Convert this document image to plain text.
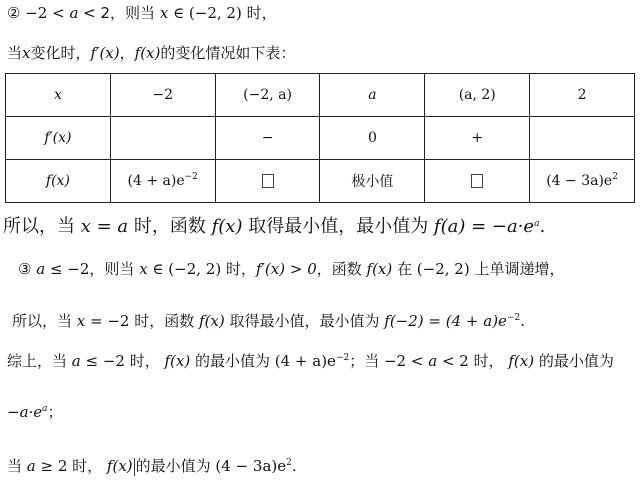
② −2 < a < 2，则当 x ∈ (−2, 2) 时，
当x变化时，f′(x)，f(x)的变化情况如下表：
x	−2	(−2, a)	a	(a, 2)	2
f′(x)		−	0	+	
f(x)	$(4 + a)e^{-2}$		极小值		$(4 - 3a)e^2$
所以，当 x = a 时，函数 f(x) 取得最小值，最小值为 $f(a) = -a\cdot e^a$.
③ a ≤ −2，则当 x ∈ (−2, 2) 时，f′(x) > 0，函数 f(x) 在 (−2, 2) 上单调递增，
所以，当 x = −2 时，函数 f(x) 取得最小值，最小值为 $f(-2) = (4 + a)e^{-2}$.
综上，当 a ≤ −2 时， f(x) 的最小值为 $(4 + a)e^{-2}$；当 −2 < a < 2 时， f(x) 的最小值为
$-a\cdot e^a$；
当 a ≥ 2 时， f(x) 的最小值为 $(4 - 3a)e^2$.
